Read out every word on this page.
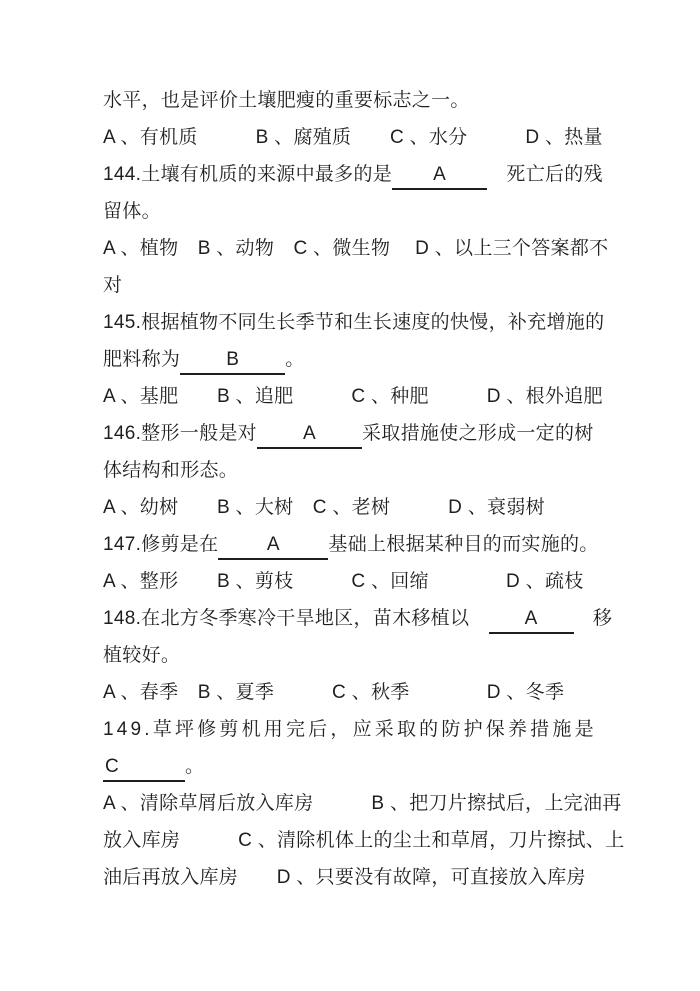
水平，也是评价土壤肥瘦的重要标志之一。
A 、有机质　　　B 、腐殖质　　C 、水分　　　D 、热量
144.土壤有机质的来源中最多的是 A　死亡后的残
留体。
A 、植物　B 、动物　C 、微生物　 D 、以上三个答案都不
对
145.根据植物不同生长季节和生长速度的快慢，补充增施的
肥料称为 B 。
A 、基肥　　B 、追肥　　　C 、种肥　　　D 、根外追肥
146.整形一般是对 A 采取措施使之形成一定的树
体结构和形态。
A 、幼树　　B 、大树　C 、老树　　　D 、衰弱树
147.修剪是在	A	基础上根据某种目的而实施的。
A 、整形　　B 、剪枝　　　C 、回缩　　　　D 、疏枝
148.在北方冬季寒冷干旱地区，苗木移植以　A　移
植较好。
A 、春季　B 、夏季　　　C 、秋季　　　　D 、冬季
149.草坪修剪机用完后，应采取的防护保养措施是
C	。
A 、清除草屑后放入库房　　　B 、把刀片擦拭后，上完油再
放入库房　　　C 、清除机体上的尘土和草屑，刀片擦拭、上
油后再放入库房　　D 、只要没有故障，可直接放入库房
